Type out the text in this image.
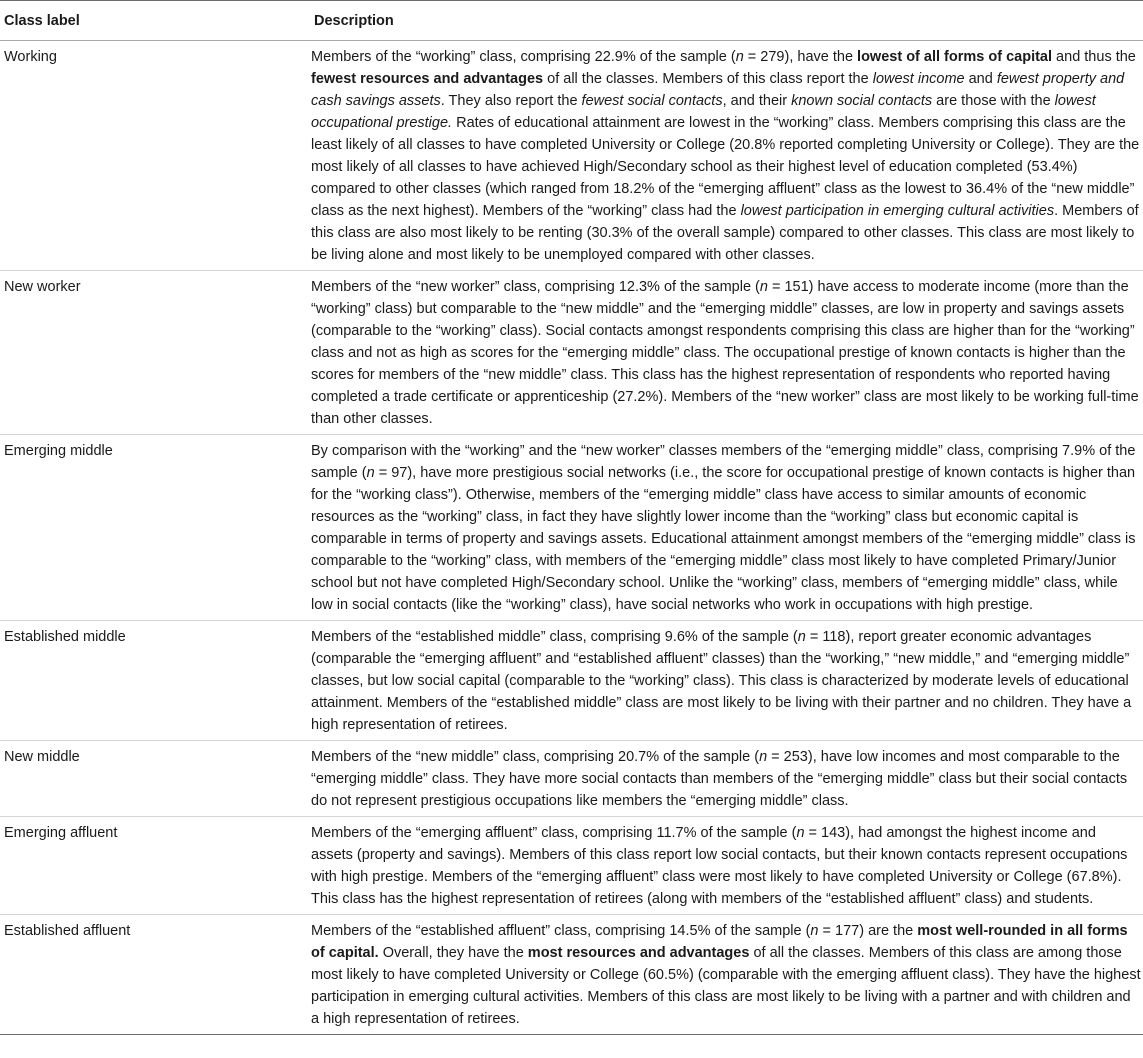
Class label	Description
Working	Members of the “working” class, comprising 22.9% of the sample (n = 279), have the lowest of all forms of capital and thus the fewest resources and advantages of all the classes. Members of this class report the lowest income and fewest property and cash savings assets. They also report the fewest social contacts, and their known social contacts are those with the lowest occupational prestige. Rates of educational attainment are lowest in the “working” class. Members comprising this class are the least likely of all classes to have completed University or College (20.8% reported completing University or College). They are the most likely of all classes to have achieved High/Secondary school as their highest level of education completed (53.4%) compared to other classes (which ranged from 18.2% of the “emerging affluent” class as the lowest to 36.4% of the “new middle” class as the next highest). Members of the “working” class had the lowest participation in emerging cultural activities. Members of this class are also most likely to be renting (30.3% of the overall sample) compared to other classes. This class are most likely to be living alone and most likely to be unemployed compared with other classes.
New worker	Members of the “new worker” class, comprising 12.3% of the sample (n = 151) have access to moderate income (more than the “working” class) but comparable to the “new middle” and the “emerging middle” classes, are low in property and savings assets (comparable to the “working” class). Social contacts amongst respondents comprising this class are higher than for the “working” class and not as high as scores for the “emerging middle” class. The occupational prestige of known contacts is higher than the scores for members of the “new middle” class. This class has the highest representation of respondents who reported having completed a trade certificate or apprenticeship (27.2%). Members of the “new worker” class are most likely to be working full-time than other classes.
Emerging middle	By comparison with the “working” and the “new worker” classes members of the “emerging middle” class, comprising 7.9% of the sample (n = 97), have more prestigious social networks (i.e., the score for occupational prestige of known contacts is higher than for the “working class”). Otherwise, members of the “emerging middle” class have access to similar amounts of economic resources as the “working” class, in fact they have slightly lower income than the “working” class but economic capital is comparable in terms of property and savings assets. Educational attainment amongst members of the “emerging middle” class is comparable to the “working” class, with members of the “emerging middle” class most likely to have completed Primary/Junior school but not have completed High/Secondary school. Unlike the “working” class, members of “emerging middle” class, while low in social contacts (like the “working” class), have social networks who work in occupations with high prestige.
Established middle	Members of the “established middle” class, comprising 9.6% of the sample (n = 118), report greater economic advantages (comparable the “emerging affluent” and “established affluent” classes) than the “working,” “new middle,” and “emerging middle” classes, but low social capital (comparable to the “working” class). This class is characterized by moderate levels of educational attainment. Members of the “established middle” class are most likely to be living with their partner and no children. They have a high representation of retirees.
New middle	Members of the “new middle” class, comprising 20.7% of the sample (n = 253), have low incomes and most comparable to the “emerging middle” class. They have more social contacts than members of the “emerging middle” class but their social contacts do not represent prestigious occupations like members the “emerging middle” class.
Emerging affluent	Members of the “emerging affluent” class, comprising 11.7% of the sample (n = 143), had amongst the highest income and assets (property and savings). Members of this class report low social contacts, but their known contacts represent occupations with high prestige. Members of the “emerging affluent” class were most likely to have completed University or College (67.8%). This class has the highest representation of retirees (along with members of the “established affluent” class) and students.
Established affluent	Members of the “established affluent” class, comprising 14.5% of the sample (n = 177) are the most well-rounded in all forms of capital. Overall, they have the most resources and advantages of all the classes. Members of this class are among those most likely to have completed University or College (60.5%) (comparable with the emerging affluent class). They have the highest participation in emerging cultural activities. Members of this class are most likely to be living with a partner and with children and a high representation of retirees.
